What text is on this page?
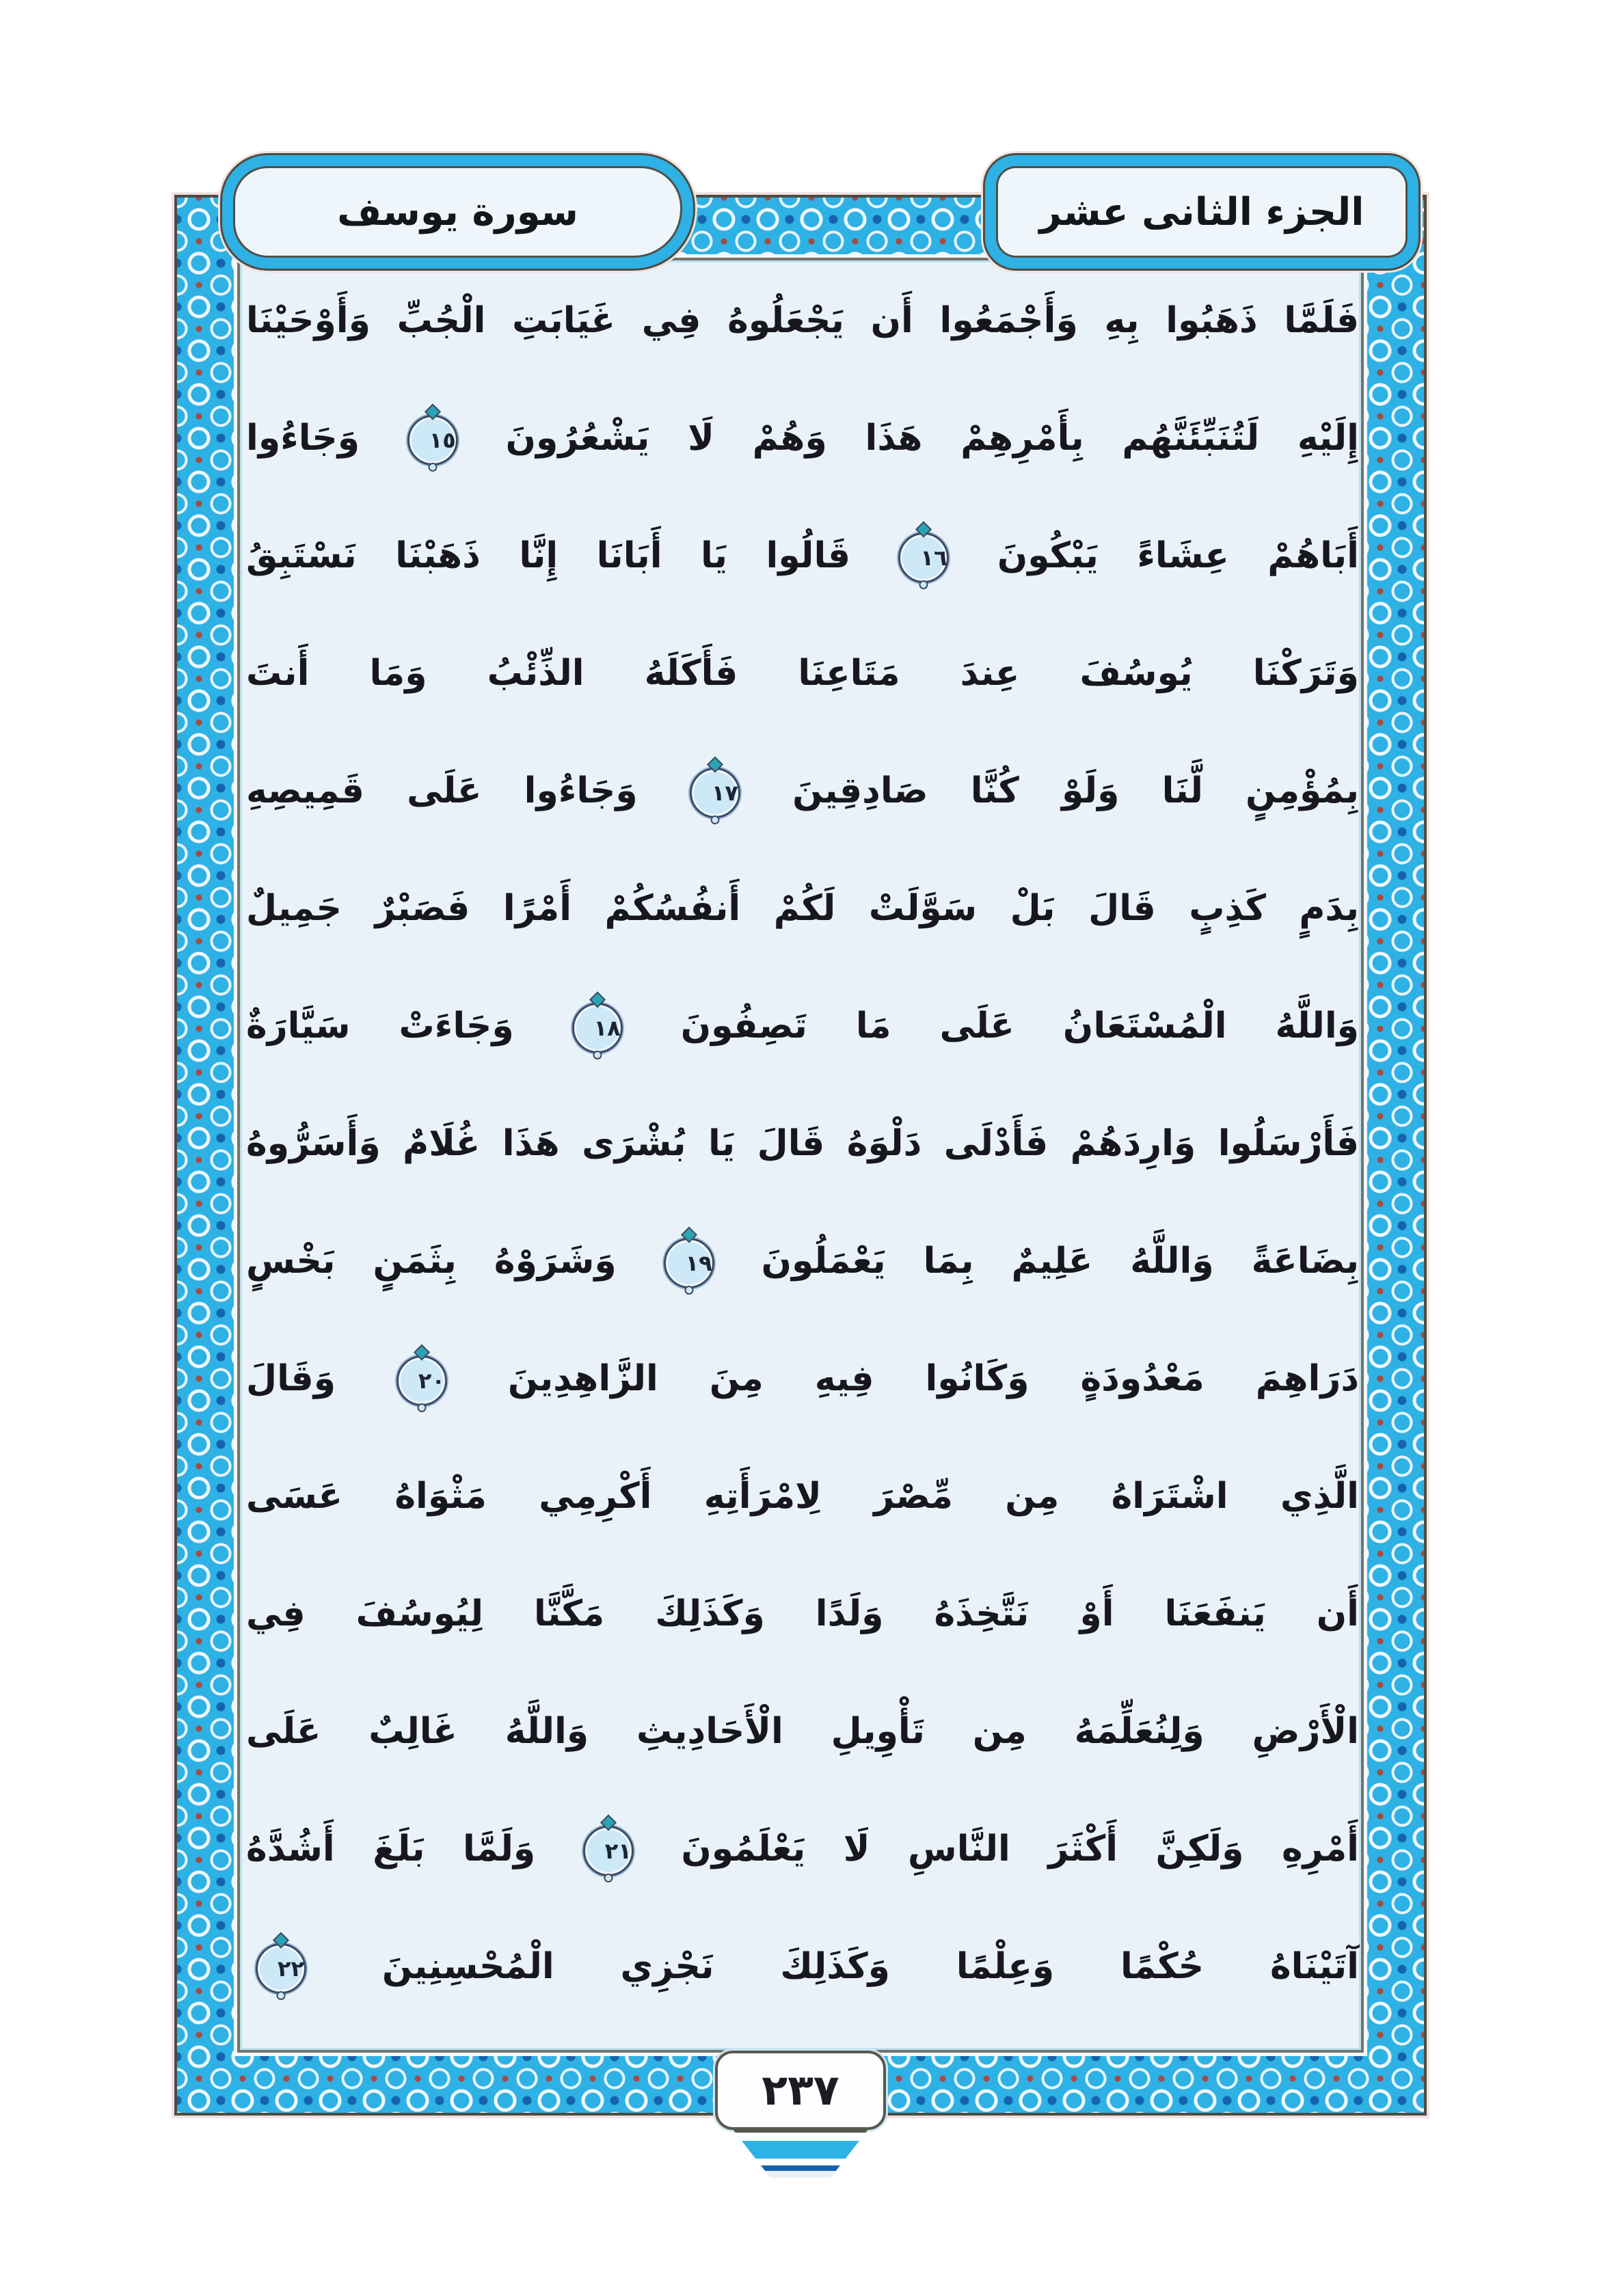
سورة يوسف	الجزء الثانى عشر
فَلَمَّا ذَهَبُوا بِهِ وَأَجْمَعُوا أَن يَجْعَلُوهُ فِي غَيَابَتِ الْجُبِّ وَأَوْحَيْنَا
إِلَيْهِ لَتُنَبِّئَنَّهُم بِأَمْرِهِمْ هَذَا وَهُمْ لَا يَشْعُرُونَ
١٥
وَجَاءُوا
أَبَاهُمْ عِشَاءً يَبْكُونَ
١٦
قَالُوا يَا أَبَانَا إِنَّا ذَهَبْنَا نَسْتَبِقُ
وَتَرَكْنَا يُوسُفَ عِندَ مَتَاعِنَا فَأَكَلَهُ الذِّئْبُ وَمَا أَنتَ
بِمُؤْمِنٍ لَّنَا وَلَوْ كُنَّا صَادِقِينَ
١٧
وَجَاءُوا عَلَى قَمِيصِهِ
بِدَمٍ كَذِبٍ قَالَ بَلْ سَوَّلَتْ لَكُمْ أَنفُسُكُمْ أَمْرًا فَصَبْرٌ جَمِيلٌ
وَاللَّهُ الْمُسْتَعَانُ عَلَى مَا تَصِفُونَ
١٨
وَجَاءَتْ سَيَّارَةٌ
فَأَرْسَلُوا وَارِدَهُمْ فَأَدْلَى دَلْوَهُ قَالَ يَا بُشْرَى هَذَا غُلَامٌ وَأَسَرُّوهُ
بِضَاعَةً وَاللَّهُ عَلِيمٌ بِمَا يَعْمَلُونَ
١٩
وَشَرَوْهُ بِثَمَنٍ بَخْسٍ
دَرَاهِمَ مَعْدُودَةٍ وَكَانُوا فِيهِ مِنَ الزَّاهِدِينَ
٢٠
وَقَالَ
الَّذِي اشْتَرَاهُ مِن مِّصْرَ لِامْرَأَتِهِ أَكْرِمِي مَثْوَاهُ عَسَى
أَن يَنفَعَنَا أَوْ نَتَّخِذَهُ وَلَدًا وَكَذَلِكَ مَكَّنَّا لِيُوسُفَ فِي
الْأَرْضِ وَلِنُعَلِّمَهُ مِن تَأْوِيلِ الْأَحَادِيثِ وَاللَّهُ غَالِبٌ عَلَى
أَمْرِهِ وَلَكِنَّ أَكْثَرَ النَّاسِ لَا يَعْلَمُونَ
٢١
وَلَمَّا بَلَغَ أَشُدَّهُ
آتَيْنَاهُ حُكْمًا وَعِلْمًا وَكَذَلِكَ نَجْزِي الْمُحْسِنِينَ
٢٢
٢٣٧
